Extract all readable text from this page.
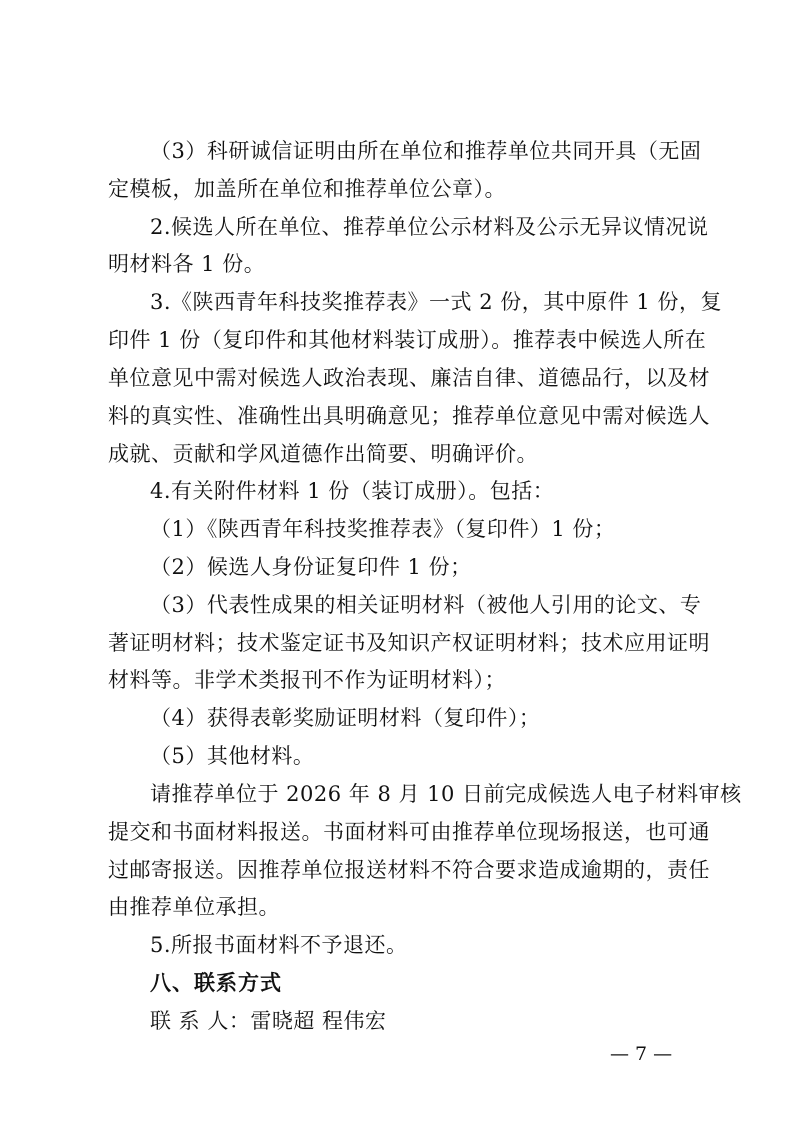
（3）科研诚信证明由所在单位和推荐单位共同开具（无固
定模板，加盖所在单位和推荐单位公章）。
2.候选人所在单位、推荐单位公示材料及公示无异议情况说
明材料各 1 份。
3.《陕西青年科技奖推荐表》一式 2 份，其中原件 1 份，复
印件 1 份（复印件和其他材料装订成册）。推荐表中候选人所在
单位意见中需对候选人政治表现、廉洁自律、道德品行，以及材
料的真实性、准确性出具明确意见；推荐单位意见中需对候选人
成就、贡献和学风道德作出简要、明确评价。
4.有关附件材料 1 份（装订成册）。包括：
（1）《陕西青年科技奖推荐表》（复印件）1 份；
（2）候选人身份证复印件 1 份；
（3）代表性成果的相关证明材料（被他人引用的论文、专
著证明材料；技术鉴定证书及知识产权证明材料；技术应用证明
材料等。非学术类报刊不作为证明材料）；
（4）获得表彰奖励证明材料（复印件）；
（5）其他材料。
请推荐单位于 2026 年 8 月 10 日前完成候选人电子材料审核
提交和书面材料报送。书面材料可由推荐单位现场报送，也可通
过邮寄报送。因推荐单位报送材料不符合要求造成逾期的，责任
由推荐单位承担。
5.所报书面材料不予退还。
八、联系方式
联 系 人：雷晓超 程伟宏
— 7 —
